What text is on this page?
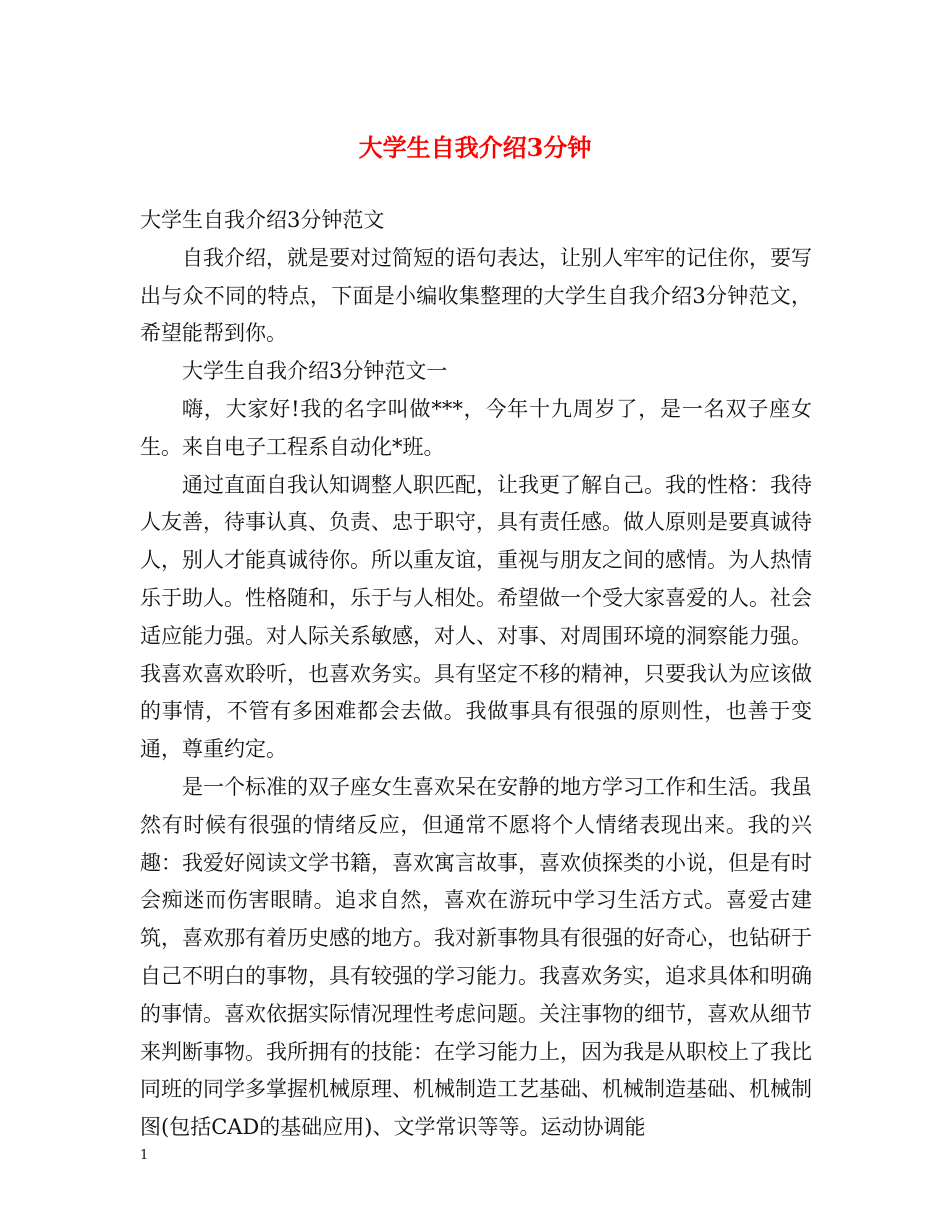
大学生自我介绍3分钟

大学生自我介绍3分钟范文

自我介绍，就是要对过简短的语句表达，让别人牢牢的记住你，要写出与众不同的特点，下面是小编收集整理的大学生自我介绍3分钟范文，希望能帮到你。

大学生自我介绍3分钟范文一

嗨，大家好!我的名字叫做***，今年十九周岁了，是一名双子座女生。来自电子工程系自动化*班。

通过直面自我认知调整人职匹配，让我更了解自己。我的性格：我待人友善，待事认真、负责、忠于职守，具有责任感。做人原则是要真诚待人，别人才能真诚待你。所以重友谊，重视与朋友之间的感情。为人热情乐于助人。性格随和，乐于与人相处。希望做一个受大家喜爱的人。社会适应能力强。对人际关系敏感，对人、对事、对周围环境的洞察能力强。我喜欢喜欢聆听，也喜欢务实。具有坚定不移的精神，只要我认为应该做的事情，不管有多困难都会去做。我做事具有很强的原则性，也善于变通，尊重约定。

是一个标准的双子座女生喜欢呆在安静的地方学习工作和生活。我虽然有时候有很强的情绪反应，但通常不愿将个人情绪表现出来。我的兴趣：我爱好阅读文学书籍，喜欢寓言故事，喜欢侦探类的小说，但是有时会痴迷而伤害眼睛。追求自然，喜欢在游玩中学习生活方式。喜爱古建筑，喜欢那有着历史感的地方。我对新事物具有很强的好奇心，也钻研于自己不明白的事物，具有较强的学习能力。我喜欢务实，追求具体和明确的事情。喜欢依据实际情况理性考虑问题。关注事物的细节，喜欢从细节来判断事物。我所拥有的技能：在学习能力上，因为我是从职校上了我比同班的同学多掌握机械原理、机械制造工艺基础、机械制造基础、机械制图(包括CAD的基础应用)、文学常识等等。运动协调能

1
